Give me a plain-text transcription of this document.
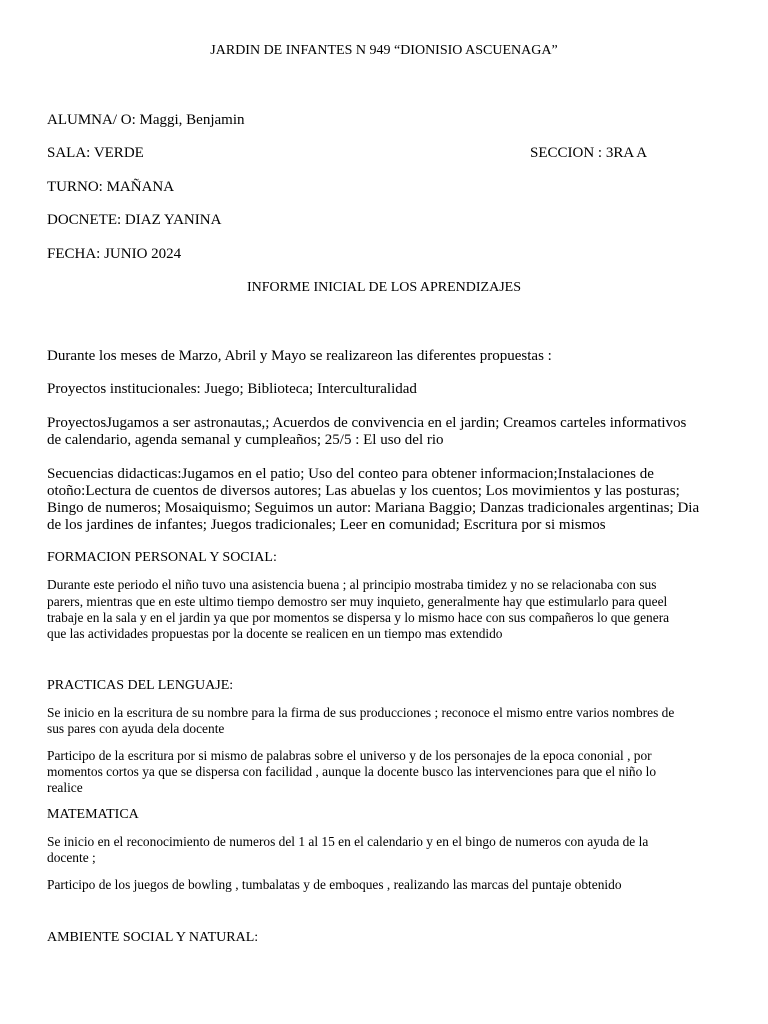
JARDIN DE INFANTES N 949 “DIONISIO ASCUENAGA”
ALUMNA/ O: Maggi, Benjamin
SALA: VERDE	SECCION : 3RA A
TURNO: MAÑANA
DOCNETE: DIAZ YANINA
FECHA: JUNIO 2024
INFORME INICIAL DE LOS APRENDIZAJES
Durante los meses de Marzo, Abril y Mayo se realizareon las diferentes propuestas :
Proyectos institucionales: Juego; Biblioteca; Interculturalidad
ProyectosJugamos a ser astronautas,; Acuerdos de convivencia en el jardin; Creamos carteles informativos
de calendario, agenda semanal y cumpleaños; 25/5 : El uso del rio
Secuencias didacticas:Jugamos en el patio; Uso del conteo para obtener informacion;Instalaciones de
otoño:Lectura de cuentos de diversos autores; Las abuelas y los cuentos; Los movimientos y las posturas;
Bingo de numeros; Mosaiquismo; Seguimos un autor: Mariana Baggio; Danzas tradicionales argentinas; Dia
de los jardines de infantes; Juegos tradicionales; Leer en comunidad; Escritura por si mismos
FORMACION PERSONAL Y SOCIAL:
Durante este periodo el niño tuvo una asistencia buena ; al principio mostraba timidez y no se relacionaba con sus
parers, mientras que en este ultimo tiempo demostro ser muy inquieto, generalmente hay que estimularlo para queel
trabaje en la sala y en el jardin ya que por momentos se dispersa y lo mismo hace con sus compañeros lo que genera
que las actividades propuestas por la docente se realicen en un tiempo mas extendido
PRACTICAS DEL LENGUAJE:
Se inicio en la escritura de su nombre para la firma de sus producciones ; reconoce el mismo entre varios nombres de
sus pares con ayuda dela docente
Participo de la escritura por si mismo de palabras sobre el universo y de los personajes de la epoca cononial , por
momentos cortos ya que se dispersa con facilidad , aunque la docente busco las intervenciones para que el niño lo
realice
MATEMATICA
Se inicio en el reconocimiento de numeros del 1 al 15 en el calendario y en el bingo de numeros con ayuda de la
docente ;
Participo de los juegos de bowling , tumbalatas y de emboques , realizando las marcas del puntaje obtenido
AMBIENTE SOCIAL Y NATURAL:
